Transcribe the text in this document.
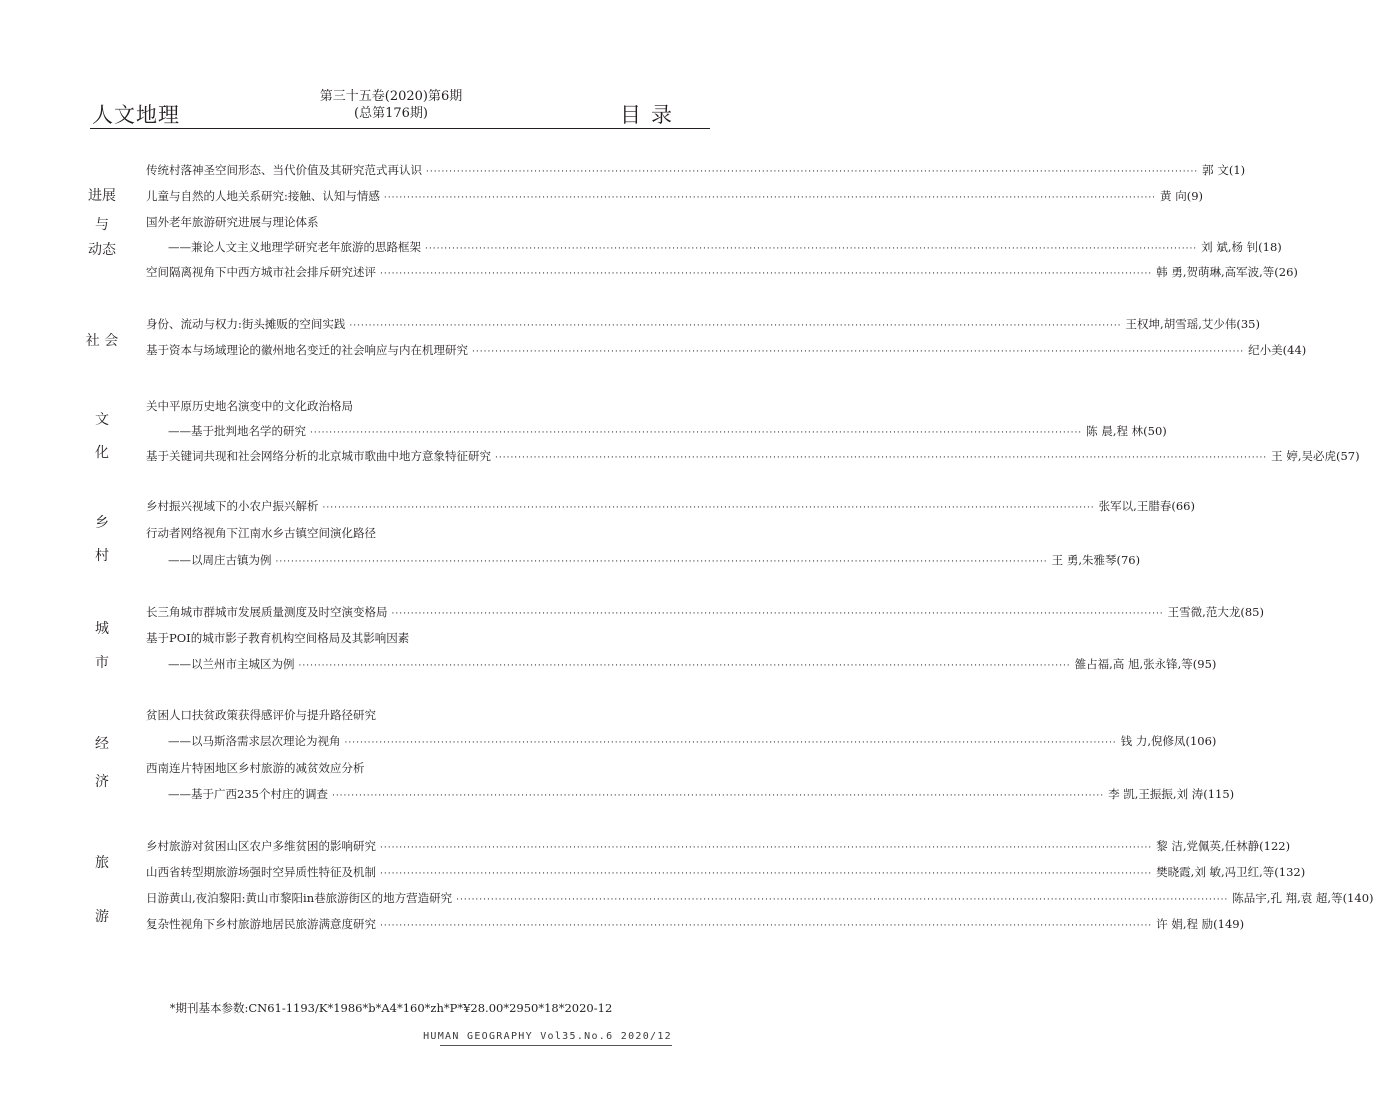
人文地理
第三十五卷(2020)第6期
(总第176期)	目录
进展
与
动态
传统村落神圣空间形态、当代价值及其研究范式再认识 ········································································································································································································ 郭 文(1)
儿童与自然的人地关系研究:接触、认知与情感 ········································································································································································································ 黄 向(9)
国外老年旅游研究进展与理论体系
——兼论人文主义地理学研究老年旅游的思路框架 ········································································································································································································ 刘 斌,杨 钊(18)
空间隔离视角下中西方城市社会排斥研究述评 ········································································································································································································ 韩 勇,贺萌琳,高军波,等(26)
社 会
身份、流动与权力:街头摊贩的空间实践 ········································································································································································································ 王权坤,胡雪瑶,艾少伟(35)
基于资本与场域理论的徽州地名变迁的社会响应与内在机理研究 ········································································································································································································ 纪小美(44)
文
化
关中平原历史地名演变中的文化政治格局
——基于批判地名学的研究 ········································································································································································································ 陈 晨,程 林(50)
基于关键词共现和社会网络分析的北京城市歌曲中地方意象特征研究 ········································································································································································································ 王 婷,吴必虎(57)
乡
村
乡村振兴视域下的小农户振兴解析 ········································································································································································································ 张军以,王腊春(66)
行动者网络视角下江南水乡古镇空间演化路径
——以周庄古镇为例 ········································································································································································································ 王 勇,朱雅琴(76)
城
市
长三角城市群城市发展质量测度及时空演变格局 ········································································································································································································ 王雪微,范大龙(85)
基于POI的城市影子教育机构空间格局及其影响因素
——以兰州市主城区为例 ········································································································································································································ 雒占福,高 旭,张永锋,等(95)
经
济
贫困人口扶贫政策获得感评价与提升路径研究
——以马斯洛需求层次理论为视角 ········································································································································································································ 钱 力,倪修凤(106)
西南连片特困地区乡村旅游的减贫效应分析
——基于广西235个村庄的调查 ········································································································································································································ 李 凯,王振振,刘 涛(115)
旅
游
乡村旅游对贫困山区农户多维贫困的影响研究 ········································································································································································································ 黎 洁,党佩英,任林静(122)
山西省转型期旅游场强时空异质性特征及机制 ········································································································································································································ 樊晓霞,刘 敏,冯卫红,等(132)
日游黄山,夜泊黎阳:黄山市黎阳in巷旅游街区的地方营造研究 ········································································································································································································ 陈品宇,孔 翔,袁 超,等(140)
复杂性视角下乡村旅游地居民旅游满意度研究 ········································································································································································································ 许 娟,程 励(149)
*期刊基本参数:CN61-1193/K*1986*b*A4*160*zh*P*¥28.00*2950*18*2020-12
HUMAN GEOGRAPHY Vol35.No.6 2020/12
